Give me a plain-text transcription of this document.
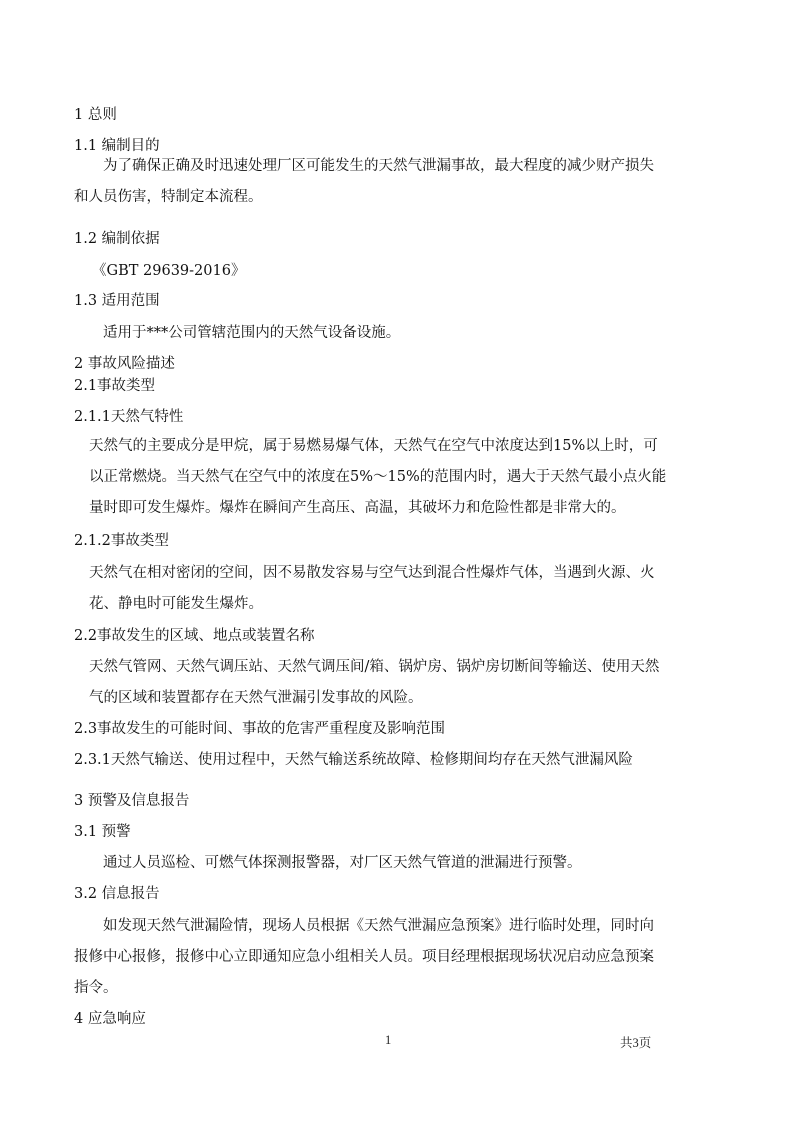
1 总则
1.1 编制目的
为了确保正确及时迅速处理厂区可能发生的天然气泄漏事故，最大程度的减少财产损失
和人员伤害，特制定本流程。
1.2 编制依据
《GBT 29639-2016》
1.3 适用范围
适用于***公司管辖范围内的天然气设备设施。
2 事故风险描述
2.1事故类型
2.1.1天然气特性
天然气的主要成分是甲烷，属于易燃易爆气体，天然气在空气中浓度达到15%以上时，可
以正常燃烧。当天然气在空气中的浓度在5%～15%的范围内时，遇大于天然气最小点火能
量时即可发生爆炸。爆炸在瞬间产生高压、高温，其破坏力和危险性都是非常大的。
2.1.2事故类型
天然气在相对密闭的空间，因不易散发容易与空气达到混合性爆炸气体，当遇到火源、火
花、静电时可能发生爆炸。
2.2事故发生的区域、地点或装置名称
天然气管网、天然气调压站、天然气调压间/箱、锅炉房、锅炉房切断间等输送、使用天然
气的区域和装置都存在天然气泄漏引发事故的风险。
2.3事故发生的可能时间、事故的危害严重程度及影响范围
2.3.1天然气输送、使用过程中，天然气输送系统故障、检修期间均存在天然气泄漏风险
3 预警及信息报告
3.1 预警
通过人员巡检、可燃气体探测报警器，对厂区天然气管道的泄漏进行预警。
3.2 信息报告
如发现天然气泄漏险情，现场人员根据《天然气泄漏应急预案》进行临时处理，同时向
报修中心报修，报修中心立即通知应急小组相关人员。项目经理根据现场状况启动应急预案
指令。
4 应急响应
1	共3页
